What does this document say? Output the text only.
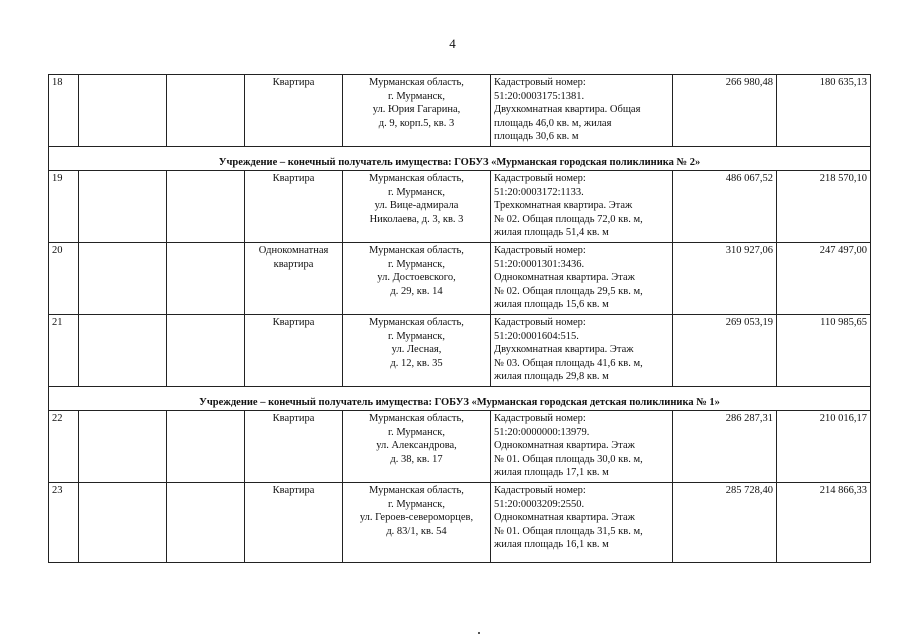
4
18			Квартира	Мурманская область,
г. Мурманск,
ул. Юрия Гагарина,
д. 9, корп.5, кв. 3	Кадастровый номер:
51:20:0003175:1381.
Двухкомнатная квартира. Общая
площадь 46,0 кв. м, жилая
площадь 30,6 кв. м	266 980,48	180 635,13
Учреждение – конечный получатель имущества: ГОБУЗ «Мурманская городская поликлиника № 2»							
19			Квартира	Мурманская область,
г. Мурманск,
ул. Вице-адмирала
Николаева, д. 3, кв. 3	Кадастровый номер:
51:20:0003172:1133.
Трехкомнатная квартира. Этаж
№ 02. Общая площадь 72,0 кв. м,
жилая площадь 51,4 кв. м	486 067,52	218 570,10
20			Однокомнатная квартира	Мурманская область,
г. Мурманск,
ул. Достоевского,
д. 29, кв. 14	Кадастровый номер:
51:20:0001301:3436.
Однокомнатная квартира. Этаж
№ 02. Общая площадь 29,5 кв. м,
жилая площадь 15,6 кв. м	310 927,06	247 497,00
21			Квартира	Мурманская область,
г. Мурманск,
ул. Лесная,
д. 12, кв. 35	Кадастровый номер:
51:20:0001604:515.
Двухкомнатная квартира. Этаж
№ 03. Общая площадь 41,6 кв. м,
жилая площадь 29,8 кв. м	269 053,19	110 985,65
Учреждение – конечный получатель имущества: ГОБУЗ «Мурманская городская детская поликлиника № 1»							
22			Квартира	Мурманская область,
г. Мурманск,
ул. Александрова,
д. 38, кв. 17	Кадастровый номер:
51:20:0000000:13979.
Однокомнатная квартира. Этаж
№ 01. Общая площадь 30,0 кв. м,
жилая площадь 17,1 кв. м	286 287,31	210 016,17
23			Квартира	Мурманская область,
г. Мурманск,
ул. Героев-североморцев,
д. 83/1, кв. 54	Кадастровый номер:
51:20:0003209:2550.
Однокомнатная квартира. Этаж
№ 01. Общая площадь 31,5 кв. м,
жилая площадь 16,1 кв. м	285 728,40	214 866,33
